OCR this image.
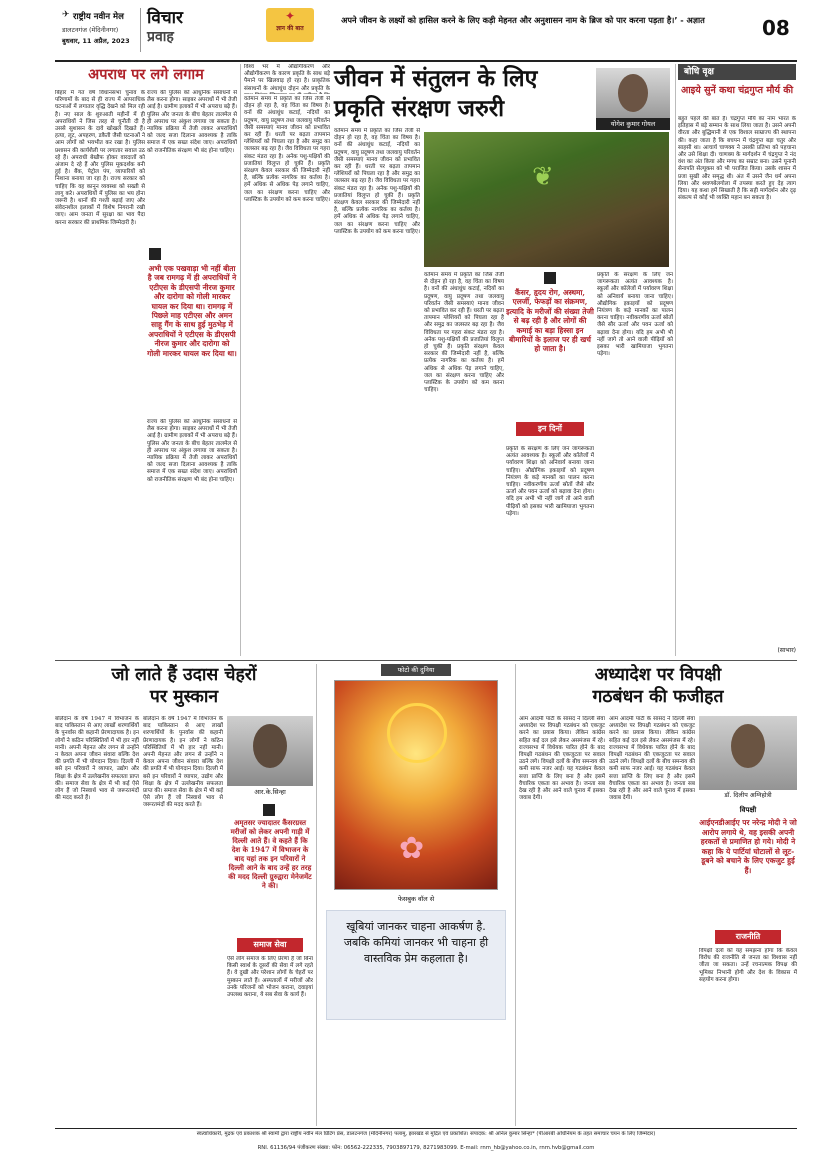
✈ राष्ट्रीय नवीन मेल
डालटनगंज (मेदिनीनगर)
बुधवार, 11 अप्रैल, 2023
विचार
प्रवाह
✦
ज्ञान की बात
अपने जीवन के लक्ष्यों को हासिल करने के लिए कड़ी मेहनत और अनुशासन नाम के ब्रिज को पार करना पड़ता है।’ - अज्ञात	08
अपराध पर लगे लगाम
बिहार में गत वर्ष विधानसभा चुनाव के परिणामों के बाद से ही राज्य में आपराधिक घटनाओं में लगातार वृद्धि देखने को मिल रही है। नए साल के शुरुआती महीनों में ही अपराधियों ने जिस तरह से चुनौती दी है उससे सुशासन के दावे खोखले दिखते हैं। हत्या, लूट, अपहरण, डकैती जैसी घटनाओं ने आम लोगों को भयभीत कर रखा है। पुलिस प्रशासन की कार्यशैली पर लगातार सवाल उठ रहे हैं। अपराधी बेखौफ होकर वारदातों को अंजाम दे रहे हैं और पुलिस मूकदर्शक बनी हुई है। बैंक, पेट्रोल पंप, व्यापारियों को निशाना बनाया जा रहा है। राज्य सरकार को चाहिए कि वह कानून व्यवस्था को सख्ती से लागू करे। अपराधियों में पुलिस का भय होना जरूरी है। थानों की गश्ती बढ़ाई जाए और संवेदनशील इलाकों में विशेष निगरानी रखी जाए। आम जनता में सुरक्षा का भाव पैदा करना सरकार की प्राथमिक जिम्मेदारी है।
राज्य की पुलिस को आधुनिक संसाधनों से लैस करना होगा। साइबर अपराधों में भी तेजी आई है। ग्रामीण इलाकों में भी अपराध बढ़े हैं। पुलिस और जनता के बीच बेहतर तालमेल से ही अपराध पर अंकुश लगाया जा सकता है। न्यायिक प्रक्रिया में तेजी लाकर अपराधियों को जल्द सजा दिलाना आवश्यक है ताकि समाज में एक सख्त संदेश जाए। अपराधियों को राजनीतिक संरक्षण भी बंद होना चाहिए।
अभी एक पखवाड़ा भी नहीं बीता है जब रामगढ़ में ही अपराधियों ने एटीएस के डीएसपी नीरज कुमार और दारोगा को गोली मारकर घायल कर दिया था। रामगढ़ में पिछले माह एटीएस और अमन साहू गैंग के साथ हुई मुठभेड़ में अपराधियों ने एटीएस के डीएसपी नीरज कुमार और दारोगा को गोली मारकर घायल कर दिया था।
राज्य की पुलिस को आधुनिक संसाधनों से लैस करना होगा। साइबर अपराधों में भी तेजी आई है। ग्रामीण इलाकों में भी अपराध बढ़े हैं। पुलिस और जनता के बीच बेहतर तालमेल से ही अपराध पर अंकुश लगाया जा सकता है। न्यायिक प्रक्रिया में तेजी लाकर अपराधियों को जल्द सजा दिलाना आवश्यक है ताकि समाज में एक सख्त संदेश जाए। अपराधियों को राजनीतिक संरक्षण भी बंद होना चाहिए।
विश्व भर में औद्योगीकरण और औद्योगीकरण के कारण प्रकृति के साथ बड़े पैमाने पर खिलवाड़ हो रहा है। प्राकृतिक संसाधनों के अंधाधुंध दोहन और प्रकृति के जीवन में संतुलन के लिए
प्रकृति संरक्षण जरुरी
वर्तमान समय में प्रकृति का जिस तेजी से दोहन हो रहा है, वह चिंता का विषय है। वनों की अंधाधुंध कटाई, नदियों का प्रदूषण, वायु प्रदूषण तथा जलवायु परिवर्तन जैसी समस्याएं मानव जीवन को प्रभावित कर रही हैं। धरती पर बढ़ता तापमान ग्लेशियरों को पिघला रहा है और समुद्र का जलस्तर बढ़ रहा है। जैव विविधता पर गहरा संकट मंडरा रहा है। अनेक पशु-पक्षियों की प्रजातियां विलुप्त हो चुकी हैं। प्रकृति संरक्षण केवल सरकार की जिम्मेदारी नहीं है, बल्कि प्रत्येक नागरिक का कर्तव्य है। हमें अधिक से अधिक पेड़ लगाने चाहिए, जल का संरक्षण करना चाहिए और प्लास्टिक के उपयोग को कम करना चाहिए।
वर्तमान समय में प्रकृति का जिस तेजी से दोहन हो रहा है, वह चिंता का विषय है। वनों की अंधाधुंध कटाई, नदियों का प्रदूषण, वायु प्रदूषण तथा जलवायु परिवर्तन जैसी समस्याएं मानव जीवन को प्रभावित कर रही हैं। धरती पर बढ़ता तापमान ग्लेशियरों को पिघला रहा है और समुद्र का जलस्तर बढ़ रहा है। जैव विविधता पर गहरा संकट मंडरा रहा है। अनेक पशु-पक्षियों की प्रजातियां विलुप्त हो चुकी हैं। प्रकृति संरक्षण केवल सरकार की जिम्मेदारी नहीं है, बल्कि प्रत्येक नागरिक का कर्तव्य है। हमें अधिक से अधिक पेड़ लगाने चाहिए, जल का संरक्षण करना चाहिए और प्लास्टिक के उपयोग को कम करना चाहिए।
❦
वर्तमान समय में प्रकृति का जिस तेजी से दोहन हो रहा है, वह चिंता का विषय है। वनों की अंधाधुंध कटाई, नदियों का प्रदूषण, वायु प्रदूषण तथा जलवायु परिवर्तन जैसी समस्याएं मानव जीवन को प्रभावित कर रही हैं। धरती पर बढ़ता तापमान ग्लेशियरों को पिघला रहा है और समुद्र का जलस्तर बढ़ रहा है। जैव विविधता पर गहरा संकट मंडरा रहा है। अनेक पशु-पक्षियों की प्रजातियां विलुप्त हो चुकी हैं। प्रकृति संरक्षण केवल सरकार की जिम्मेदारी नहीं है, बल्कि प्रत्येक नागरिक का कर्तव्य है। हमें अधिक से अधिक पेड़ लगाने चाहिए, जल का संरक्षण करना चाहिए और प्लास्टिक के उपयोग को कम करना चाहिए।
कैंसर, हृदय रोग, अस्थमा, एलर्जी, फेफड़ों का संक्रमण, इत्यादि के मरीजों की संख्या तेजी से बढ़ रही है और लोगों की कमाई का बड़ा हिस्सा इन बीमारियों के इलाज पर ही खर्च हो जाता है।
इन दिनों
प्रकृति के संरक्षण के लिए जन जागरूकता अत्यंत आवश्यक है। स्कूलों और कॉलेजों में पर्यावरण शिक्षा को अनिवार्य बनाया जाना चाहिए। औद्योगिक इकाइयों को प्रदूषण नियंत्रण के कड़े मानकों का पालन करना चाहिए। नवीकरणीय ऊर्जा स्रोतों जैसे सौर ऊर्जा और पवन ऊर्जा को बढ़ावा देना होगा। यदि हम अभी भी नहीं जागे तो आने वाली पीढ़ियों को इसका भारी खामियाजा भुगतना पड़ेगा।
प्रकृति के संरक्षण के लिए जन जागरूकता अत्यंत आवश्यक है। स्कूलों और कॉलेजों में पर्यावरण शिक्षा को अनिवार्य बनाया जाना चाहिए। औद्योगिक इकाइयों को प्रदूषण नियंत्रण के कड़े मानकों का पालन करना चाहिए। नवीकरणीय ऊर्जा स्रोतों जैसे सौर ऊर्जा और पवन ऊर्जा को बढ़ावा देना होगा। यदि हम अभी भी नहीं जागे तो आने वाली पीढ़ियों को इसका भारी खामियाजा भुगतना पड़ेगा।
योगेश कुमार गोयल
बोधि वृक्ष
आइये सुनें कथा चंद्रगुप्त मौर्य की
बहुत पहले की बात है। चंद्रगुप्त मौर्य का नाम भारत के इतिहास में बड़े सम्मान के साथ लिया जाता है। उसने अपनी वीरता और बुद्धिमानी से एक विशाल साम्राज्य की स्थापना की। कहा जाता है कि बचपन में चंद्रगुप्त बड़ा चतुर और साहसी था। आचार्य चाणक्य ने उसकी प्रतिभा को पहचाना और उसे शिक्षा दी। चाणक्य के मार्गदर्शन में चंद्रगुप्त ने नंद वंश का अंत किया और मगध का सम्राट बना। उसने यूनानी सेनापति सेल्यूकस को भी पराजित किया। उसके शासन में प्रजा सुखी और समृद्ध थी। अंत में उसने जैन धर्म अपना लिया और श्रवणबेलगोला में तपस्या करते हुए देह त्याग दिया। यह कथा हमें सिखाती है कि सही मार्गदर्शन और दृढ़ संकल्प से कोई भी व्यक्ति महान बन सकता है।
(साभार)
जो लाते हैं उदास चेहरों
पर मुस्कान
बलिदान के वर्ष 1947 में विभाजन के बाद पाकिस्तान से आए लाखों शरणार्थियों के पुनर्वास की कहानी प्रेरणादायक है। इन लोगों ने कठिन परिस्थितियों में भी हार नहीं मानी। अपनी मेहनत और लगन से उन्होंने न केवल अपना जीवन संवारा बल्कि देश की प्रगति में भी योगदान दिया। दिल्ली में बसे इन परिवारों ने व्यापार, उद्योग और शिक्षा के क्षेत्र में उल्लेखनीय सफलता प्राप्त की। समाज सेवा के क्षेत्र में भी कई ऐसे लोग हैं जो निस्वार्थ भाव से जरूरतमंदों की मदद करते हैं।
बलिदान के वर्ष 1947 में विभाजन के बाद पाकिस्तान से आए लाखों शरणार्थियों के पुनर्वास की कहानी प्रेरणादायक है। इन लोगों ने कठिन परिस्थितियों में भी हार नहीं मानी। अपनी मेहनत और लगन से उन्होंने न केवल अपना जीवन संवारा बल्कि देश की प्रगति में भी योगदान दिया। दिल्ली में बसे इन परिवारों ने व्यापार, उद्योग और शिक्षा के क्षेत्र में उल्लेखनीय सफलता प्राप्त की। समाज सेवा के क्षेत्र में भी कई ऐसे लोग हैं जो निस्वार्थ भाव से जरूरतमंदों की मदद करते हैं।
आर.के.सिन्हा
अमृतसर ज्यादातर कैंसरग्रस्त मरीजों को लेकर अपनी गाड़ी में दिल्ली आते हैं। वे कहते हैं कि देश के 1947 में विभाजन के बाद यहां तक इन परिवारों ने दिल्ली आने के बाद उन्हें हर तरह की मदद दिल्ली ग्रुरुद्वारा मेनेजमेंट ने की।
समाज सेवा
ऐसे लोग समाज के लिए प्रेरणा हैं जो बिना किसी स्वार्थ के दूसरों की सेवा में लगे रहते हैं। वे दुखी और परेशान लोगों के चेहरों पर मुस्कान लाते हैं। अस्पतालों में मरीजों और उनके परिजनों को भोजन कराना, दवाइयां उपलब्ध कराना, ये सब सेवा के कार्य हैं।
फोटो की दुनिया
✿
फेसबुक वॉल से
खूबियां जानकर चाहना आकर्षण है. जबकि कमियां जानकर भी चाहना ही वास्तविक प्रेम कहलाता है।
अध्यादेश पर विपक्षी
गठबंधन की फजीहत
आम आदमी पार्टी के सांसद ने दिल्ली सेवा अध्यादेश पर विपक्षी गठबंधन को एकजुट करने का प्रयास किया। लेकिन कांग्रेस सहित कई दल इसे लेकर असमंजस में रहे। राज्यसभा में विधेयक पारित होने के बाद विपक्षी गठबंधन की एकजुटता पर सवाल उठने लगे। विपक्षी दलों के बीच समन्वय की कमी साफ नजर आई। यह गठबंधन केवल सत्ता प्राप्ति के लिए बना है और इसमें वैचारिक एकता का अभाव है। जनता सब देख रही है और आने वाले चुनाव में इसका जवाब देगी।
आम आदमी पार्टी के सांसद ने दिल्ली सेवा अध्यादेश पर विपक्षी गठबंधन को एकजुट करने का प्रयास किया। लेकिन कांग्रेस सहित कई दल इसे लेकर असमंजस में रहे। राज्यसभा में विधेयक पारित होने के बाद विपक्षी गठबंधन की एकजुटता पर सवाल उठने लगे। विपक्षी दलों के बीच समन्वय की कमी साफ नजर आई। यह गठबंधन केवल सत्ता प्राप्ति के लिए बना है और इसमें वैचारिक एकता का अभाव है। जनता सब देख रही है और आने वाले चुनाव में इसका जवाब देगी।	डॉ. दिलीप अग्निहोत्री
विपक्षी
आईएनडीआईए पर नरेन्द्र मोदी ने जो आरोप लगाये थे, वह इसकी अपनी हरकतों से प्रमाणित हो गये। मोदी ने कहा कि ये पार्टियां घोटालों से लूट-डूबने को बचाने के लिए एकजुट हुई हैं।
राजनीति
विपक्षी दलों को यह समझना होगा कि केवल विरोध की राजनीति से जनता का विश्वास नहीं जीता जा सकता। उन्हें रचनात्मक विपक्ष की भूमिका निभानी होगी और देश के विकास में सहयोग करना होगा।
स्वत्वाधिकारी, मुद्रक एवं प्रकाशक श्री स्वामी द्वारा राष्ट्रीय नवीन मेल प्रिंटिंग प्रेस, डालटनगंज (मेदिनीनगर) पलामू, झारखंड से मुद्रित एवं प्रकाशित। संपादक: श्री अनिल कुमार सिन्हा* (पीआरबी अधिनियम के तहत समाचार चयन के लिए जिम्मेदार)
RNI. 61136/94 पंजीकरण संख्या: फोन: 06562-222335, 7903897179, 8271983099. E-mail: rnm_hb@yahoo.co.in, rnm.hvb@gmail.com
